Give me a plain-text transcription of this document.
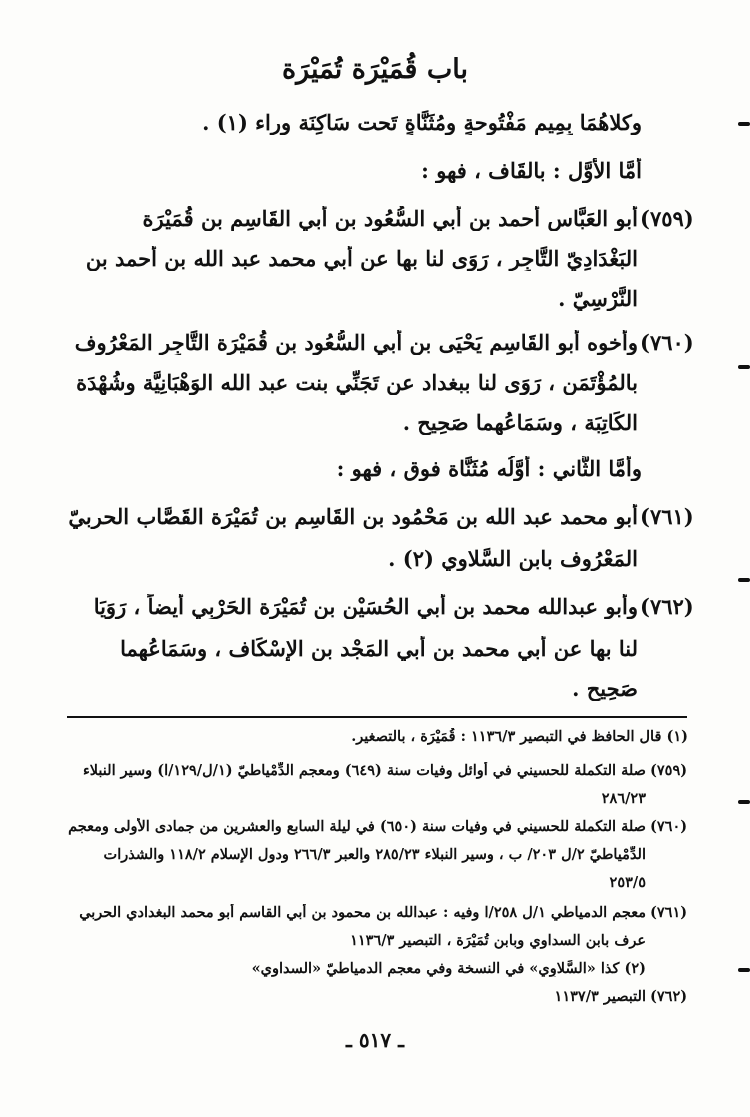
باب قُمَيْرَة تُمَيْرَة
وكلاهُمَا بِمِيمٍ مَفْتُوحةٍ ومُثَنَّاةٍ تَحت سَاكِنَة وراء (١) .
أمَّا الأوَّل : بالقَاف ، فهو :
(٧٥٩)
أبو العَبَّاس أحمد بن أبي السُّعُود بن أبي القَاسِم بن قُمَيْرَة
البَغْدَادِيّ التَّاجِر ، رَوَى لنا بها عن أبي محمد عبد الله بن أحمد بن
النَّرْسِيّ .
(٧٦٠)
وأخوه أبو القَاسِم يَحْيَى بن أبي السُّعُود بن قُمَيْرَة التَّاجِر المَعْرُوف
بالمُؤْتَمَن ، رَوَى لنا ببغداد عن تَجَنِّي بنت عبد الله الوَهْبَانِيَّة وشُهْدَة
الكَاتِبَة ، وسَمَاعُهما صَحِيح .
وأمَّا الثَّاني : أوَّلُه مُثَنَّاة فوق ، فهو :
(٧٦١)
أبو محمد عبد الله بن مَحْمُود بن القَاسِم بن تُمَيْرَة القَصَّاب الحربيّ
المَعْرُوف بابن السَّلاوِي (٢) .
(٧٦٢)
وأبو عبدالله محمد بن أبي الحُسَيْن بن تُمَيْرَة الحَرْبِي أيضاً ، رَوَيَا
لنا بها عن أبي محمد بن أبي المَجْد بن الإسْكَاف ، وسَمَاعُهما
صَحِيح .
(١) قال الحافظ في التبصير ١١٣٦/٣ : قُمَيْرَة ، بالتصغير.
(٧٥٩)
صلة التكملة للحسيني في أوائل وفيات سنة (٦٤٩) ومعجم الدِّمْياطيّ (١/ل/١٢٩/ا) وسير النبلاء
٢٨٦/٢٣
(٧٦٠)
صلة التكملة للحسيني في وفيات سنة (٦٥٠) في ليلة السابع والعشرين من جمادى الأولى ومعجم
الدِّمْياطيّ ٢/ل ٢٠٣/ ب ، وسير النبلاء ٢٨٥/٢٣ والعبر ٢٦٦/٣ ودول الإسلام ١١٨/٢ والشذرات
٢٥٣/٥
(٧٦١)
معجم الدمياطي ١/ل ٢٥٨/ا وفيه : عبدالله بن محمود بن أبي القاسم أبو محمد البغدادي الحربي
عرف بابن السداوي وبابن تُمَيْرَة ، التبصير ١١٣٦/٣
(٢) كذا «السَّلاوِي» في النسخة وفي معجم الدمياطيّ «السداوي»
(٧٦٢)
التبصير ١١٣٧/٣
ـ ٥١٧ ـ
